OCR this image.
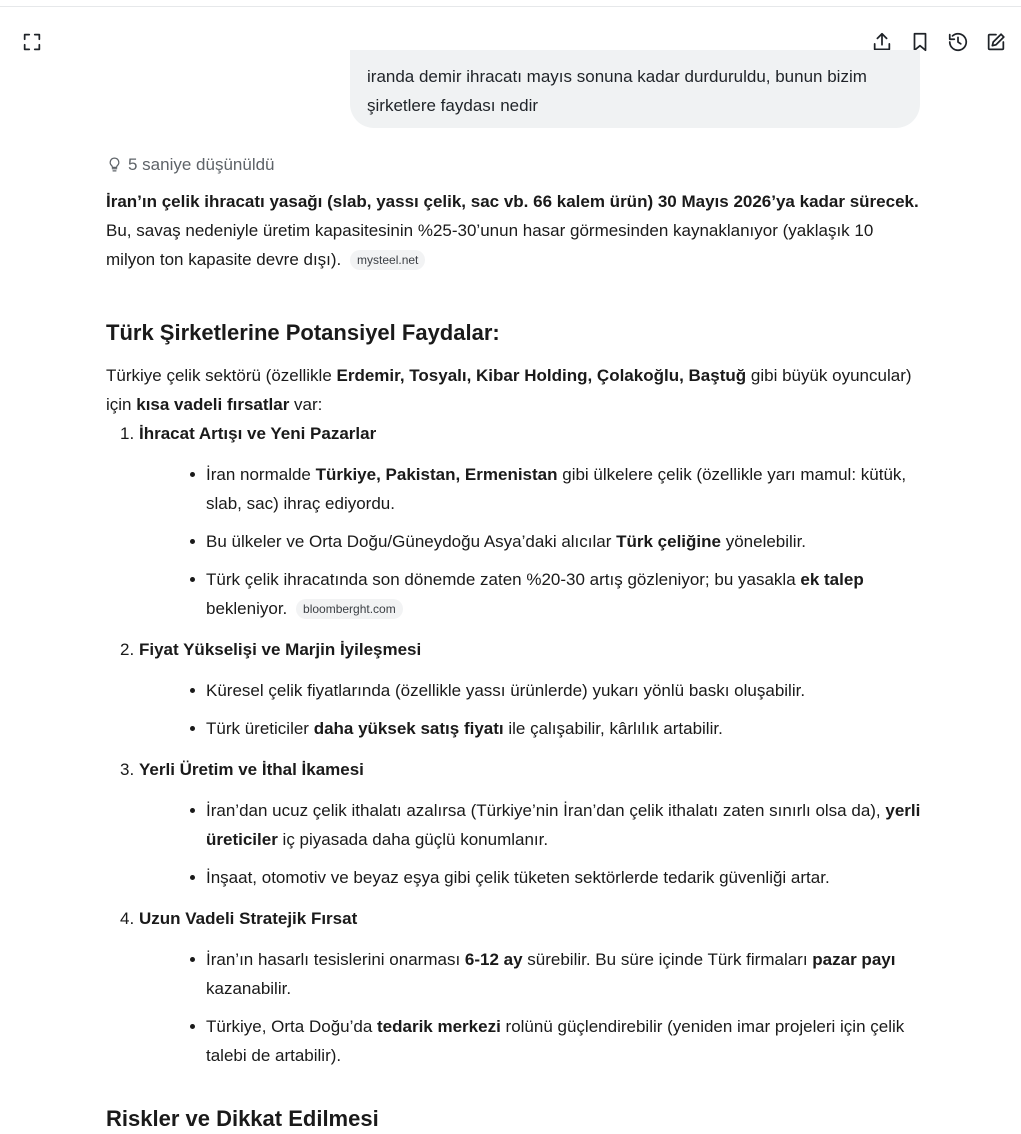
iranda demir ihracatı mayıs sonuna kadar durduruldu, bunun bizim
şirketlere faydası nedir
5 saniye düşünüldü

İran’ın çelik ihracatı yasağı (slab, yassı çelik, sac vb. 66 kalem ürün) 30 Mayıs 2026’ya kadar sürecek. Bu, savaş nedeniyle üretim kapasitesinin %25-30’unun hasar görmesinden kaynaklanıyor (yaklaşık 10 milyon ton kapasite devre dışı). mysteel.net

Türk Şirketlerine Potansiyel Faydalar:

Türkiye çelik sektörü (özellikle Erdemir, Tosyalı, Kibar Holding, Çolakoğlu, Baştuğ gibi büyük oyuncular) için kısa vadeli fırsatlar var:

1. İhracat Artışı ve Yeni Pazarlar
İran normalde Türkiye, Pakistan, Ermenistan gibi ülkelere çelik (özellikle yarı mamul: kütük, slab, sac) ihraç ediyordu.
Bu ülkeler ve Orta Doğu/Güneydoğu Asya’daki alıcılar Türk çeliğine yönelebilir.
Türk çelik ihracatında son dönemde zaten %20-30 artış gözleniyor; bu yasakla ek talep bekleniyor. bloomberght.com
2. Fiyat Yükselişi ve Marjin İyileşmesi
Küresel çelik fiyatlarında (özellikle yassı ürünlerde) yukarı yönlü baskı oluşabilir.
Türk üreticiler daha yüksek satış fiyatı ile çalışabilir, kârlılık artabilir.
3. Yerli Üretim ve İthal İkamesi
İran’dan ucuz çelik ithalatı azalırsa (Türkiye’nin İran’dan çelik ithalatı zaten sınırlı olsa da), yerli üreticiler iç piyasada daha güçlü konumlanır.
İnşaat, otomotiv ve beyaz eşya gibi çelik tüketen sektörlerde tedarik güvenliği artar.
4. Uzun Vadeli Stratejik Fırsat
İran’ın hasarlı tesislerini onarması 6-12 ay sürebilir. Bu süre içinde Türk firmaları pazar payı kazanabilir.
Türkiye, Orta Doğu’da tedarik merkezi rolünü güçlendirebilir (yeniden imar projeleri için çelik talebi de artabilir).
Riskler ve Dikkat Edilmesi
